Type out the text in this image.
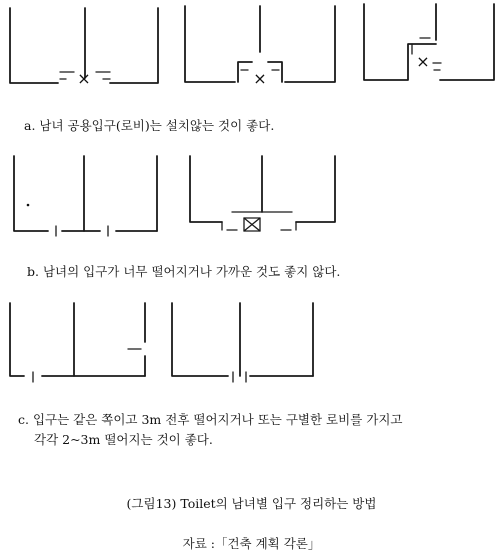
×	×
×
a. 남녀 공용입구(로비)는 설치않는 것이 좋다.
b. 남녀의 입구가 너무 떨어지거나 가까운 것도 좋지 않다.
c. 입구는 같은 쪽이고 3m 전후 떨어지거나 또는 구별한 로비를 가지고
각각 2~3m 떨어지는 것이 좋다.
(그림13) Toilet의 남녀별 입구 정리하는 방법
자료 :「건축 계획 각론」
